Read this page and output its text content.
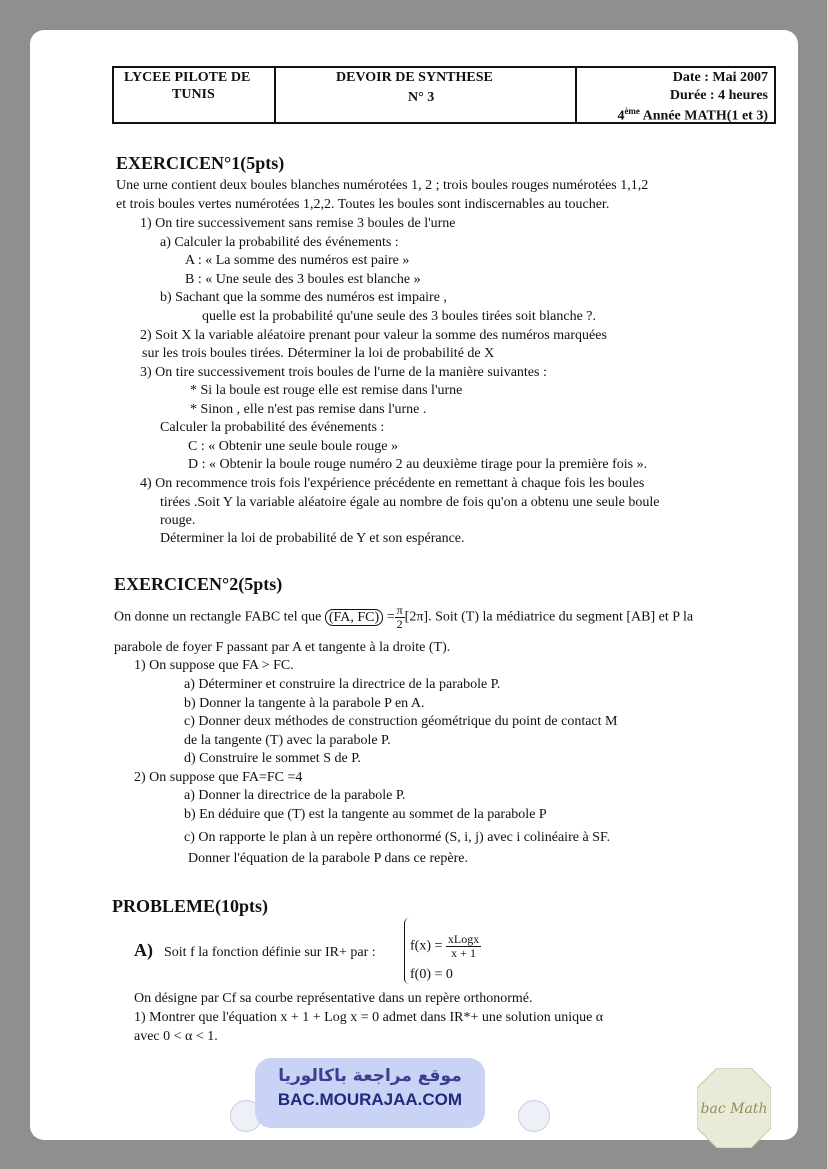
LYCEE PILOTE DE
TUNIS
DEVOIR DE SYNTHESE
N° 3
Date : Mai 2007
Durée : 4 heures
4ème Année MATH(1 et 3)
EXERCICEN°1(5pts)
Une urne contient deux boules blanches numérotées 1, 2 ; trois boules rouges numérotées 1,1,2
et trois boules vertes numérotées 1,2,2. Toutes les boules sont indiscernables au toucher.
1) On tire successivement sans remise 3 boules de l'urne
a) Calculer la probabilité des événements :
A : « La somme des numéros est paire »
B : « Une seule des 3 boules est blanche »
b) Sachant que la somme des numéros est impaire ,
quelle est la probabilité qu'une seule des 3 boules tirées soit blanche ?.
2) Soit X la variable aléatoire prenant pour valeur la somme des numéros marquées
sur les trois boules tirées. Déterminer la loi de probabilité de X
3) On tire successivement trois boules de l'urne de la manière suivantes :
* Si la boule est rouge elle est remise dans l'urne
* Sinon , elle n'est pas remise dans l'urne .
Calculer la probabilité des événements :
C : « Obtenir une seule boule rouge »
D : « Obtenir la boule rouge numéro 2 au deuxième tirage pour la première fois ».
4) On recommence trois fois l'expérience précédente en remettant à chaque fois les boules
tirées .Soit Y la variable aléatoire égale au nombre de fois qu'on a obtenu une seule boule
rouge.
Déterminer la loi de probabilité de Y et son espérance.
EXERCICEN°2(5pts)
On donne un rectangle FABC tel que (FA, $FC) = \frac{\pi}{2} [2\pi]$. Soit (T) la médiatrice du segment [AB] et P la
parabole de foyer F passant par A et tangente à la droite (T).
1) On suppose que FA > FC.
a) Déterminer et construire la directrice de la parabole P.
b) Donner la tangente à la parabole P en A.
c) Donner deux méthodes de construction géométrique du point de contact M
de la tangente (T) avec la parabole P.
d) Construire le sommet S de P.
2) On suppose que FA=FC =4
a) Donner la directrice de la parabole P.
b) En déduire que (T) est la tangente au sommet de la parabole P
c) On rapporte le plan à un repère orthonormé (S, i, j) avec i colinéaire à SF.
Donner l'équation de la parabole P dans ce repère.
PROBLEME(10pts)
A) Soit f la fonction définie sur IR+ par : $f(x) = \frac{\text{xLogx}}{x + 1}$
f(0) = 0
On désigne par Cf sa courbe représentative dans un repère orthonormé.
1) Montrer que l'équation x + 1 + Log x = 0 admet dans IR*+ une solution unique α
avec 0 < α < 1.
موقع مراجعة باكالوريا
BAC.MOURAJAA.COM	bac Math
